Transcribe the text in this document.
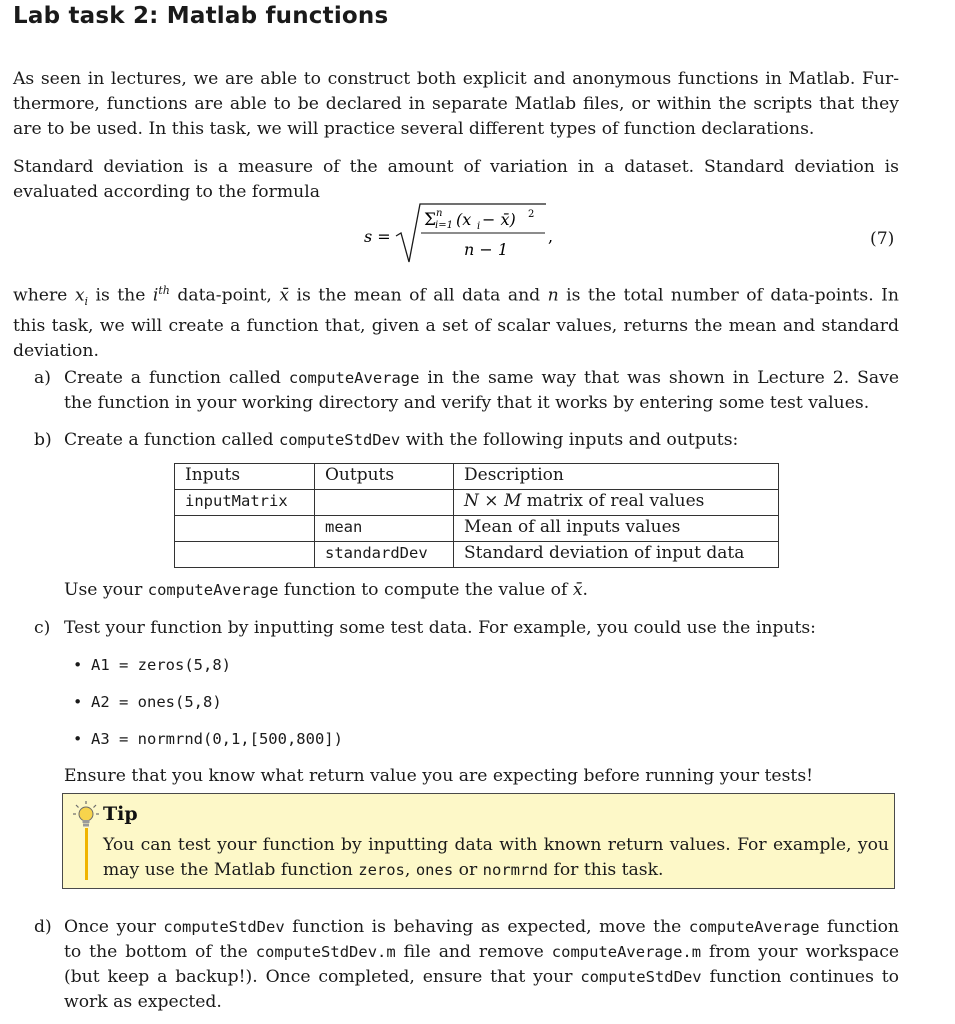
Lab task 2: Matlab functions
As seen in lectures, we are able to construct both explicit and anonymous functions in Matlab. Fur-
thermore, functions are able to be declared in separate Matlab files, or within the scripts that they
are to be used. In this task, we will practice several different types of function declarations.
Standard deviation is a measure of the amount of variation in a dataset. Standard deviation is
evaluated according to the formula
s =
Σ n
i=1 (x i − x̄) 2
n − 1
,	(7)
where $x_i$ is the $i^{th}$ data-point, x̄ is the mean of all data and n is the total number of data-points. In
this task, we will create a function that, given a set of scalar values, returns the mean and standard
deviation.
a) Create a function called computeAverage in the same way that was shown in Lecture 2. Save
the function in your working directory and verify that it works by entering some test values.
b) Create a function called computeStdDev with the following inputs and outputs:
Inputs	Outputs	Description
inputMatrix		N × M matrix of real values
	mean	Mean of all inputs values
	standardDev	Standard deviation of input data
Use your computeAverage function to compute the value of x̄.
c) Test your function by inputting some test data. For example, you could use the inputs:
• A1 = zeros(5,8)
• A2 = ones(5,8)
• A3 = normrnd(0,1,[500,800])
Ensure that you know what return value you are expecting before running your tests!
Tip
You can test your function by inputting data with known return values. For example, you
may use the Matlab function zeros, ones or normrnd for this task.
d) Once your computeStdDev function is behaving as expected, move the computeAverage function
to the bottom of the computeStdDev.m file and remove computeAverage.m from your workspace
(but keep a backup!). Once completed, ensure that your computeStdDev function continues to
work as expected.
